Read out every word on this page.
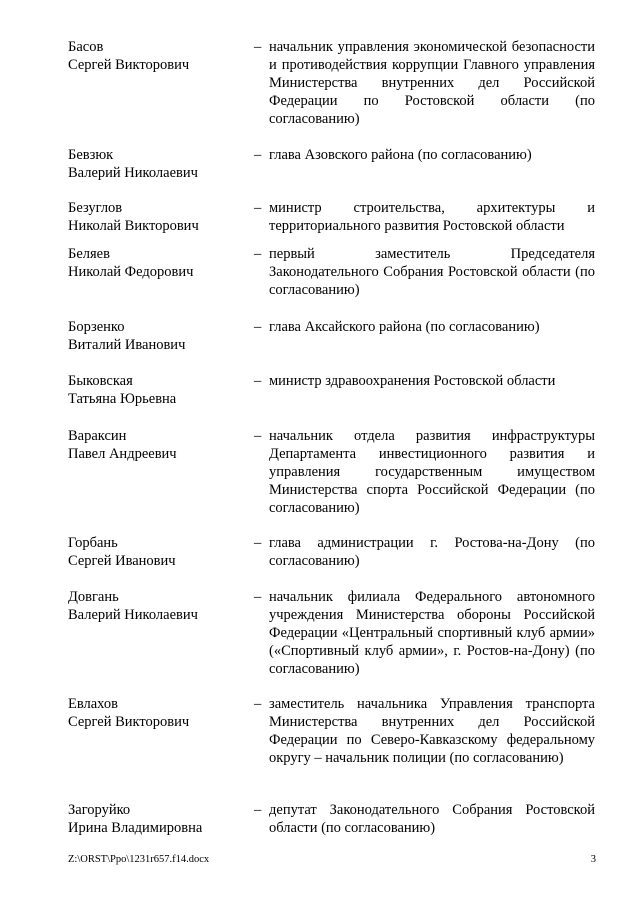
Басов
Сергей Викторович
– начальник управления экономической безопасности и противодействия коррупции Главного управления Министерства внутренних дел Российской Федерации по Ростовской области (по согласованию)
Бевзюк
Валерий Николаевич
– глава Азовского района (по согласованию)
Безуглов
Николай Викторович
– министр строительства, архитектуры и территориального развития Ростовской области
Беляев
Николай Федорович
– первый заместитель Председателя Законодательного Собрания Ростовской области (по согласованию)
Борзенко
Виталий Иванович
– глава Аксайского района (по согласованию)
Быковская
Татьяна Юрьевна
– министр здравоохранения Ростовской области
Вараксин
Павел Андреевич
– начальник отдела развития инфраструктуры Департамента инвестиционного развития и управления государственным имуществом Министерства спорта Российской Федерации (по согласованию)
Горбань
Сергей Иванович
– глава администрации г. Ростова-на-Дону (по согласованию)
Довгань
Валерий Николаевич
– начальник филиала Федерального автономного учреждения Министерства обороны Российской Федерации «Центральный спортивный клуб армии» («Спортивный клуб армии», г. Ростов-на-Дону) (по согласованию)
Евлахов
Сергей Викторович
– заместитель начальника Управления транспорта Министерства внутренних дел Российской Федерации по Северо-Кавказскому федеральному округу – начальник полиции (по согласованию)
Загоруйко
Ирина Владимировна
– депутат Законодательного Собрания Ростовской области (по согласованию)
Z:\ORST\Ppo\1231r657.f14.docx	3
